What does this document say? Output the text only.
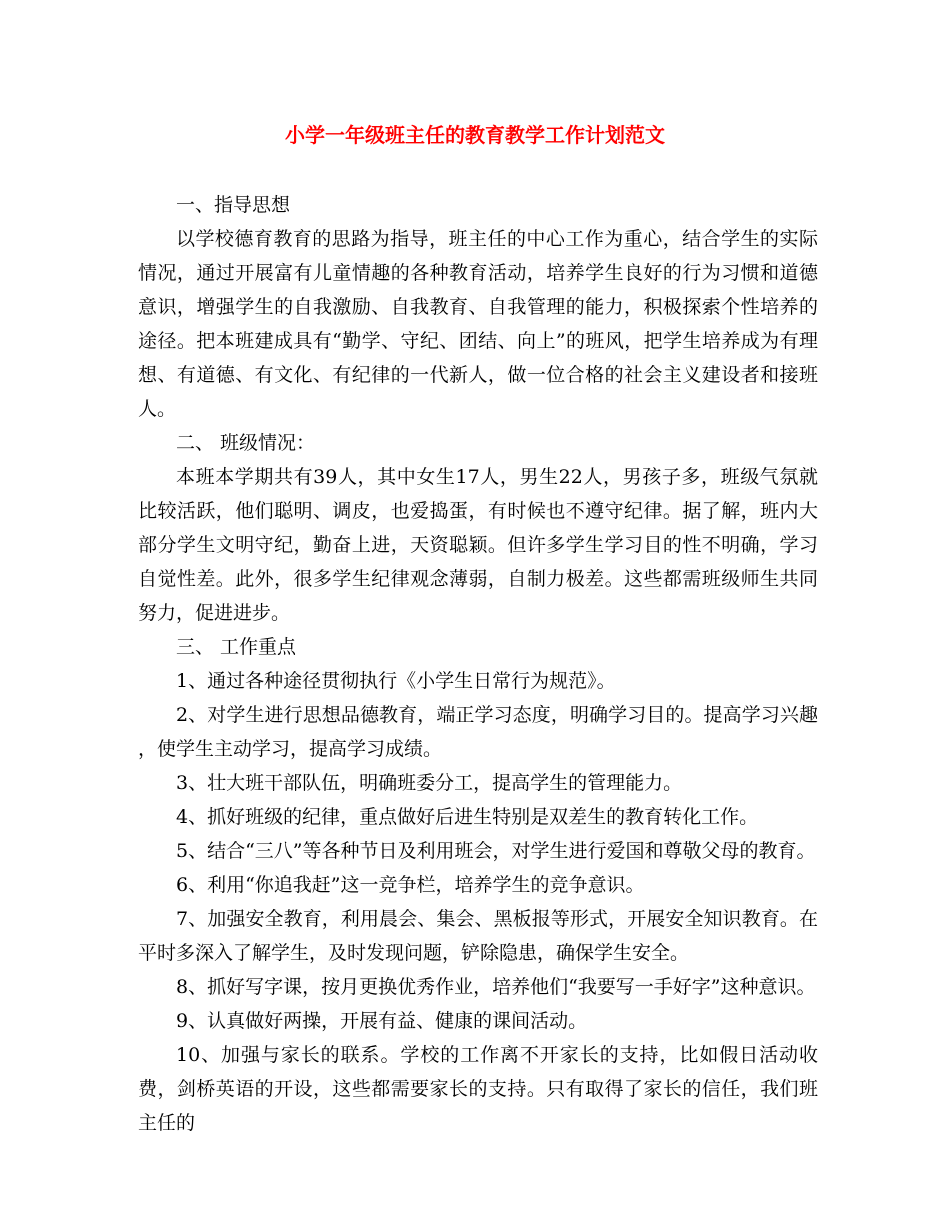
小学一年级班主任的教育教学工作计划范文

一、指导思想

以学校德育教育的思路为指导，班主任的中心工作为重心，结合学生的实际情况，通过开展富有儿童情趣的各种教育活动，培养学生良好的行为习惯和道德意识，增强学生的自我激励、自我教育、自我管理的能力，积极探索个性培养的途径。把本班建成具有“勤学、守纪、团结、向上”的班风，把学生培养成为有理想、有道德、有文化、有纪律的一代新人，做一位合格的社会主义建设者和接班人。

二、 班级情况：

本班本学期共有39人，其中女生17人，男生22人，男孩子多，班级气氛就比较活跃，他们聪明、调皮，也爱捣蛋，有时候也不遵守纪律。据了解，班内大部分学生文明守纪，勤奋上进，天资聪颖。但许多学生学习目的性不明确，学习自觉性差。此外，很多学生纪律观念薄弱，自制力极差。这些都需班级师生共同努力，促进进步。

三、 工作重点

1、通过各种途径贯彻执行《小学生日常行为规范》。

2、对学生进行思想品德教育，端正学习态度，明确学习目的。提高学习兴趣 ，使学生主动学习，提高学习成绩。

3、壮大班干部队伍，明确班委分工，提高学生的管理能力。

4、抓好班级的纪律，重点做好后进生特别是双差生的教育转化工作。

5、结合“三八”等各种节日及利用班会，对学生进行爱国和尊敬父母的教育。

6、利用“你追我赶”这一竞争栏，培养学生的竞争意识。

7、加强安全教育，利用晨会、集会、黑板报等形式，开展安全知识教育。在平时多深入了解学生，及时发现问题，铲除隐患，确保学生安全。

8、抓好写字课，按月更换优秀作业，培养他们“我要写一手好字”这种意识。

9、认真做好两操，开展有益、健康的课间活动。

10、加强与家长的联系。学校的工作离不开家长的支持，比如假日活动收费，剑桥英语的开设，这些都需要家长的支持。只有取得了家长的信任，我们班主任的
